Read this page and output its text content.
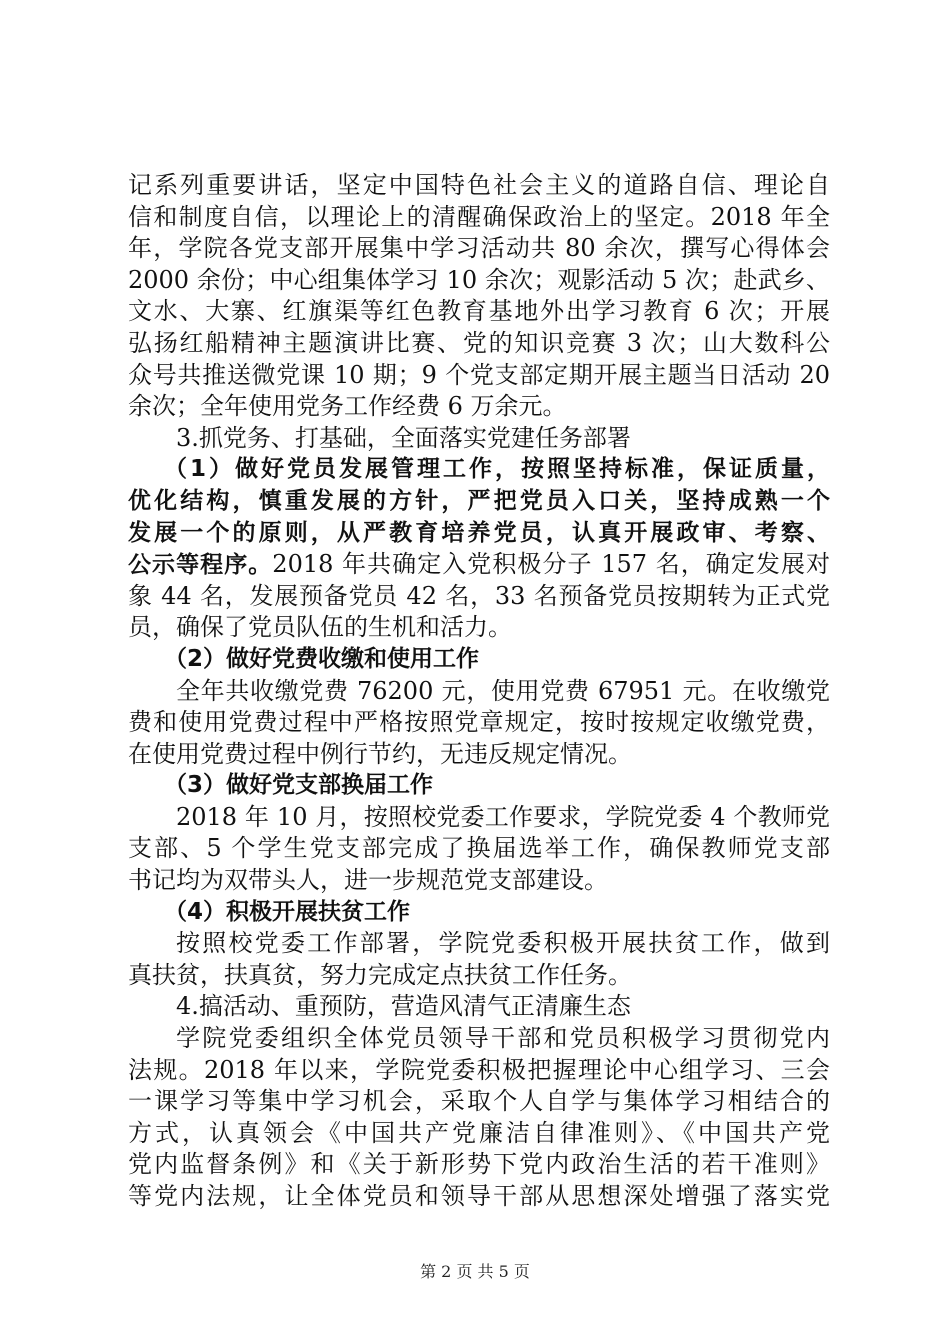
记系列重要讲话，坚定中国特色社会主义的道路自信、理论自
信和制度自信，以理论上的清醒确保政治上的坚定。2018 年全
年，学院各党支部开展集中学习活动共 80 余次，撰写心得体会
2000 余份；中心组集体学习 10 余次；观影活动 5 次；赴武乡、
文水、大寨、红旗渠等红色教育基地外出学习教育 6 次；开展
弘扬红船精神主题演讲比赛、党的知识竞赛 3 次；山大数科公
众号共推送微党课 10 期；9 个党支部定期开展主题当日活动 20
余次；全年使用党务工作经费 6 万余元。
3.抓党务、打基础，全面落实党建任务部署
（1）做好党员发展管理工作，按照坚持标准，保证质量，
优化结构，慎重发展的方针，严把党员入口关，坚持成熟一个
发展一个的原则，从严教育培养党员，认真开展政审、考察、
公示等程序。2018 年共确定入党积极分子 157 名，确定发展对
象 44 名，发展预备党员 42 名，33 名预备党员按期转为正式党
员，确保了党员队伍的生机和活力。
（2）做好党费收缴和使用工作
全年共收缴党费 76200 元，使用党费 67951 元。在收缴党
费和使用党费过程中严格按照党章规定，按时按规定收缴党费，
在使用党费过程中例行节约，无违反规定情况。
（3）做好党支部换届工作
2018 年 10 月，按照校党委工作要求，学院党委 4 个教师党
支部、5 个学生党支部完成了换届选举工作，确保教师党支部
书记均为双带头人，进一步规范党支部建设。
（4）积极开展扶贫工作
按照校党委工作部署，学院党委积极开展扶贫工作，做到
真扶贫，扶真贫，努力完成定点扶贫工作任务。
4.搞活动、重预防，营造风清气正清廉生态
学院党委组织全体党员领导干部和党员积极学习贯彻党内
法规。2018 年以来，学院党委积极把握理论中心组学习、三会
一课学习等集中学习机会，采取个人自学与集体学习相结合的
方式，认真领会《中国共产党廉洁自律准则》、《中国共产党
党内监督条例》和《关于新形势下党内政治生活的若干准则》
等党内法规，让全体党员和领导干部从思想深处增强了落实党
第 2 页 共 5 页
